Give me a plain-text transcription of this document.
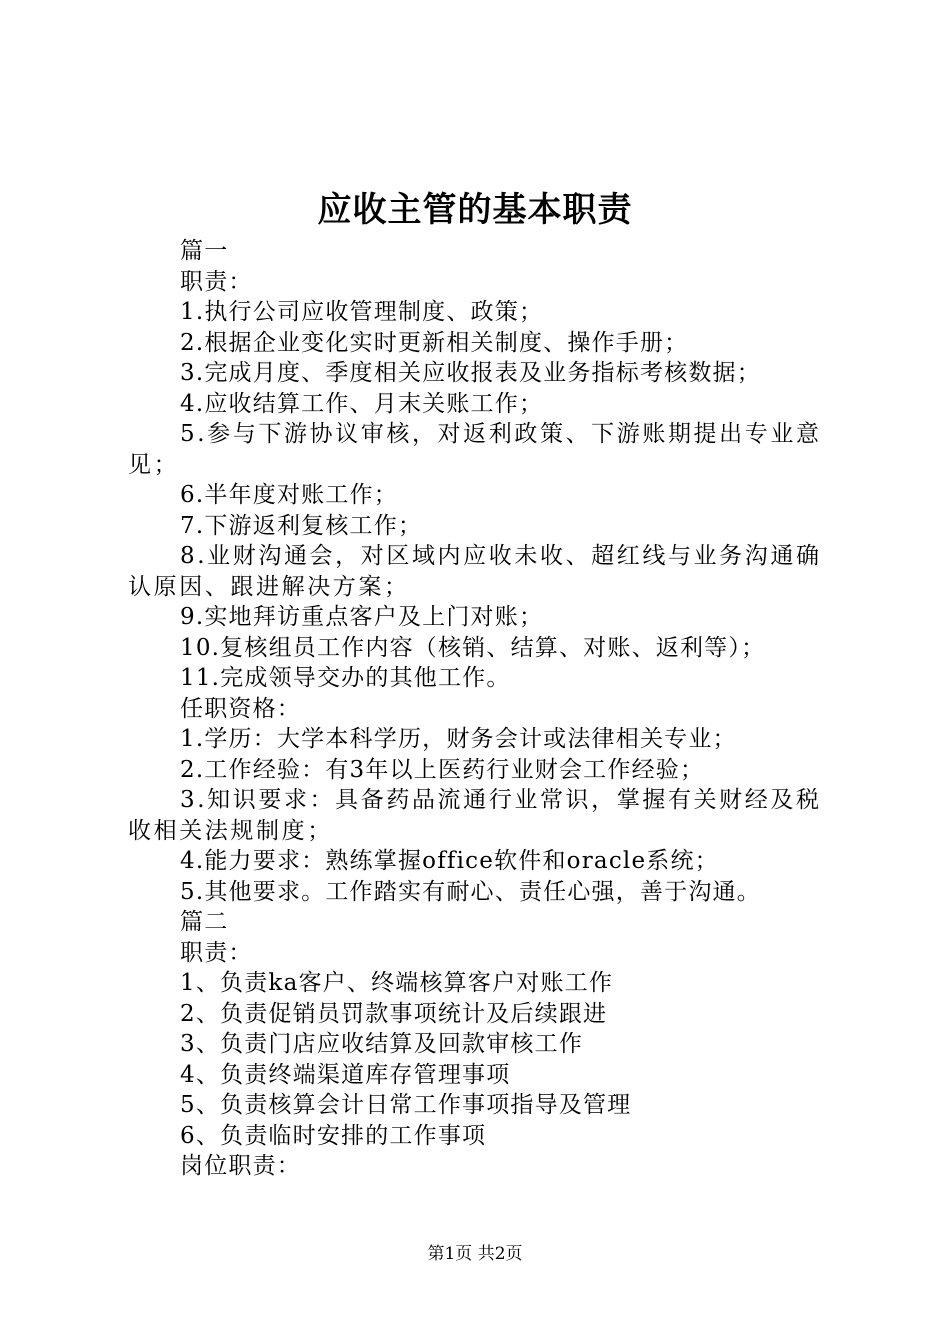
应收主管的基本职责
篇一
职责：
1.执行公司应收管理制度、政策；
2.根据企业变化实时更新相关制度、操作手册；
3.完成月度、季度相关应收报表及业务指标考核数据；
4.应收结算工作、月末关账工作；
5.参与下游协议审核，对返利政策、下游账期提出专业意见；
6.半年度对账工作；
7.下游返利复核工作；
8.业财沟通会，对区域内应收未收、超红线与业务沟通确认原因、跟进解决方案；
9.实地拜访重点客户及上门对账；
10.复核组员工作内容（核销、结算、对账、返利等）；
11.完成领导交办的其他工作。
任职资格：
1.学历：大学本科学历，财务会计或法律相关专业；
2.工作经验：有3年以上医药行业财会工作经验；
3.知识要求：具备药品流通行业常识，掌握有关财经及税收相关法规制度；
4.能力要求：熟练掌握office软件和oracle系统；
5.其他要求。工作踏实有耐心、责任心强，善于沟通。
篇二
职责：
1、负责ka客户、终端核算客户对账工作
2、负责促销员罚款事项统计及后续跟进
3、负责门店应收结算及回款审核工作
4、负责终端渠道库存管理事项
5、负责核算会计日常工作事项指导及管理
6、负责临时安排的工作事项
岗位职责：
第1页 共2页
